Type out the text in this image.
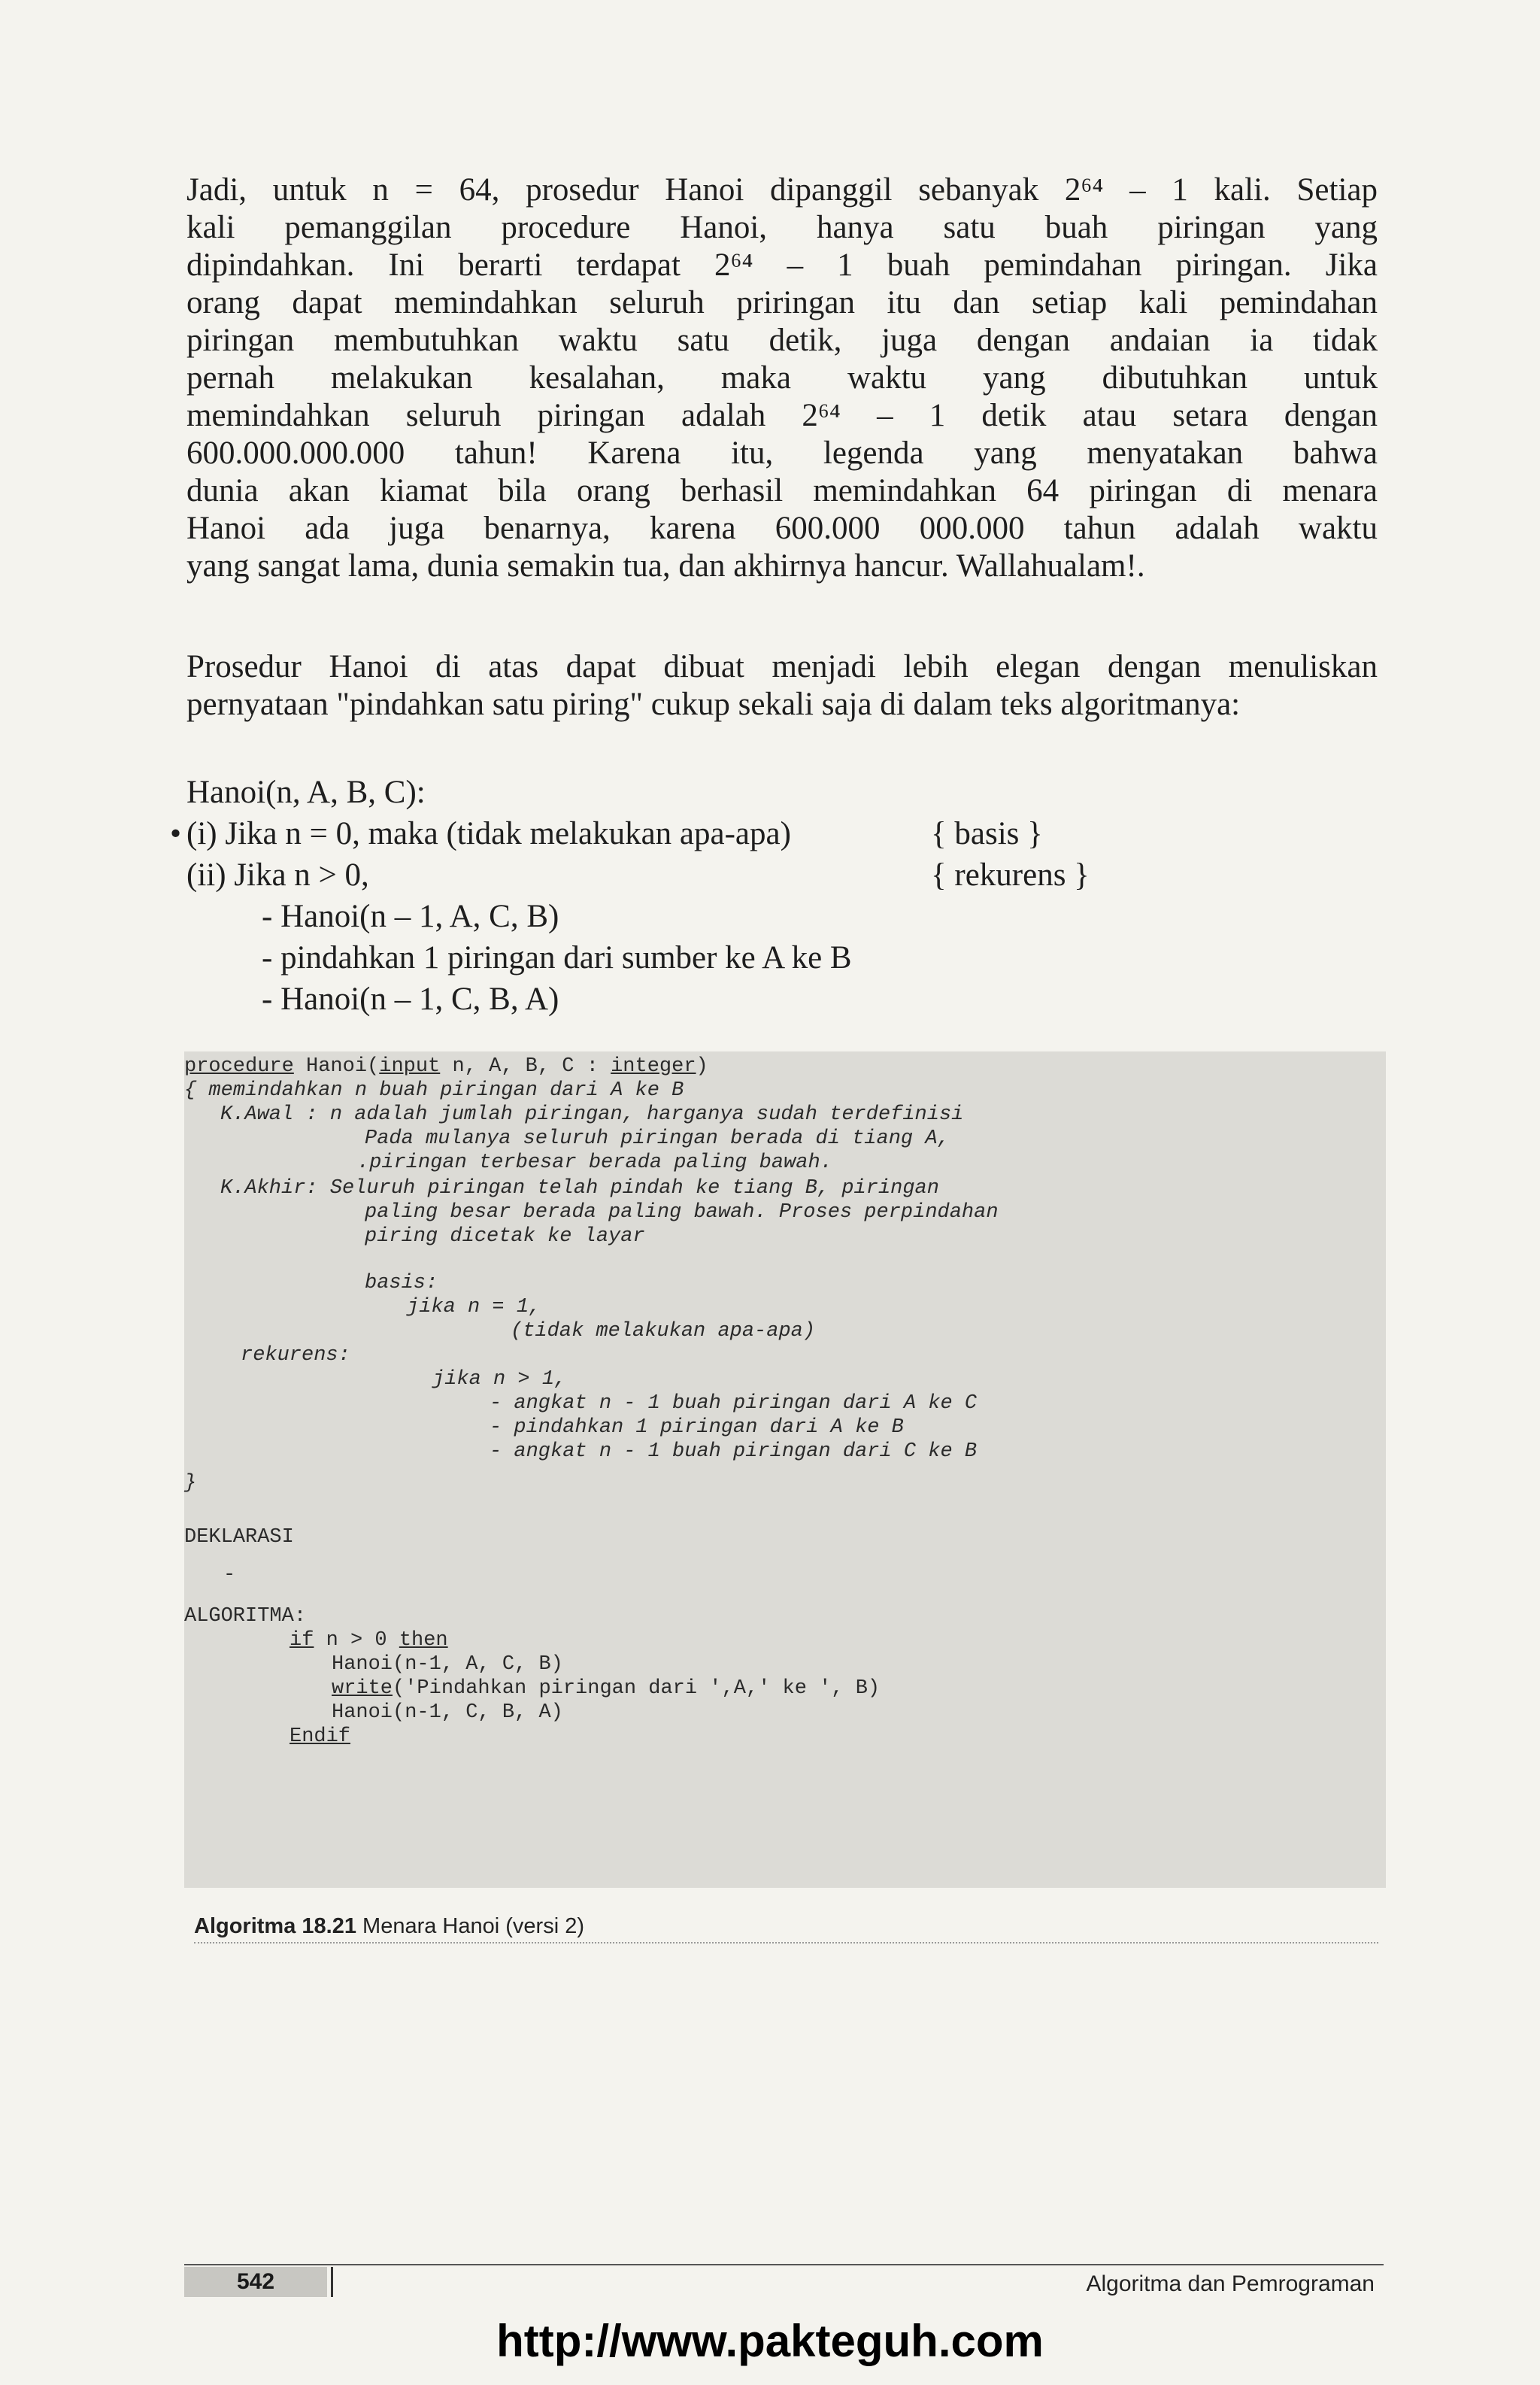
Jadi, untuk n = 64, prosedur Hanoi dipanggil sebanyak 2⁶⁴ – 1 kali. Setiap
kali pemanggilan procedure Hanoi, hanya satu buah piringan yang
dipindahkan. Ini berarti terdapat 2⁶⁴ – 1 buah pemindahan piringan. Jika
orang dapat memindahkan seluruh priringan itu dan setiap kali pemindahan
piringan membutuhkan waktu satu detik, juga dengan andaian ia tidak
pernah melakukan kesalahan, maka waktu yang dibutuhkan untuk
memindahkan seluruh piringan adalah 2⁶⁴ – 1 detik atau setara dengan
600.000.000.000 tahun! Karena itu, legenda yang menyatakan bahwa
dunia akan kiamat bila orang berhasil memindahkan 64 piringan di menara
Hanoi ada juga benarnya, karena 600.000 000.000 tahun adalah waktu
yang sangat lama, dunia semakin tua, dan akhirnya hancur. Wallahualam!.
Prosedur Hanoi di atas dapat dibuat menjadi lebih elegan dengan menuliskan
pernyataan "pindahkan satu piring" cukup sekali saja di dalam teks algoritmanya:
Hanoi(n, A, B, C):
• (i) Jika n = 0, maka (tidak melakukan apa-apa)	{ basis }
(ii) Jika n > 0,	{ rekurens }
- Hanoi(n – 1, A, C, B)
- pindahkan 1 piringan dari sumber ke A ke B
- Hanoi(n – 1, C, B, A)
procedure Hanoi(input n, A, B, C : integer)
{ memindahkan n buah piringan dari A ke B
K.Awal : n adalah jumlah piringan, harganya sudah terdefinisi
Pada mulanya seluruh piringan berada di tiang A,
.piringan terbesar berada paling bawah.
K.Akhir: Seluruh piringan telah pindah ke tiang B, piringan
paling besar berada paling bawah. Proses perpindahan
piring dicetak ke layar
basis:
jika n = 1,
(tidak melakukan apa-apa)
rekurens:
jika n > 1,
- angkat n - 1 buah piringan dari A ke C
- pindahkan 1 piringan dari A ke B
- angkat n - 1 buah piringan dari C ke B
}
DEKLARASI
-
ALGORITMA:
if n > 0 then
Hanoi(n-1, A, C, B)
write('Pindahkan piringan dari ',A,' ke ', B)
Hanoi(n-1, C, B, A)
Endif
Algoritma 18.21 Menara Hanoi (versi 2)
542	Algoritma dan Pemrograman
http://www.pakteguh.com
